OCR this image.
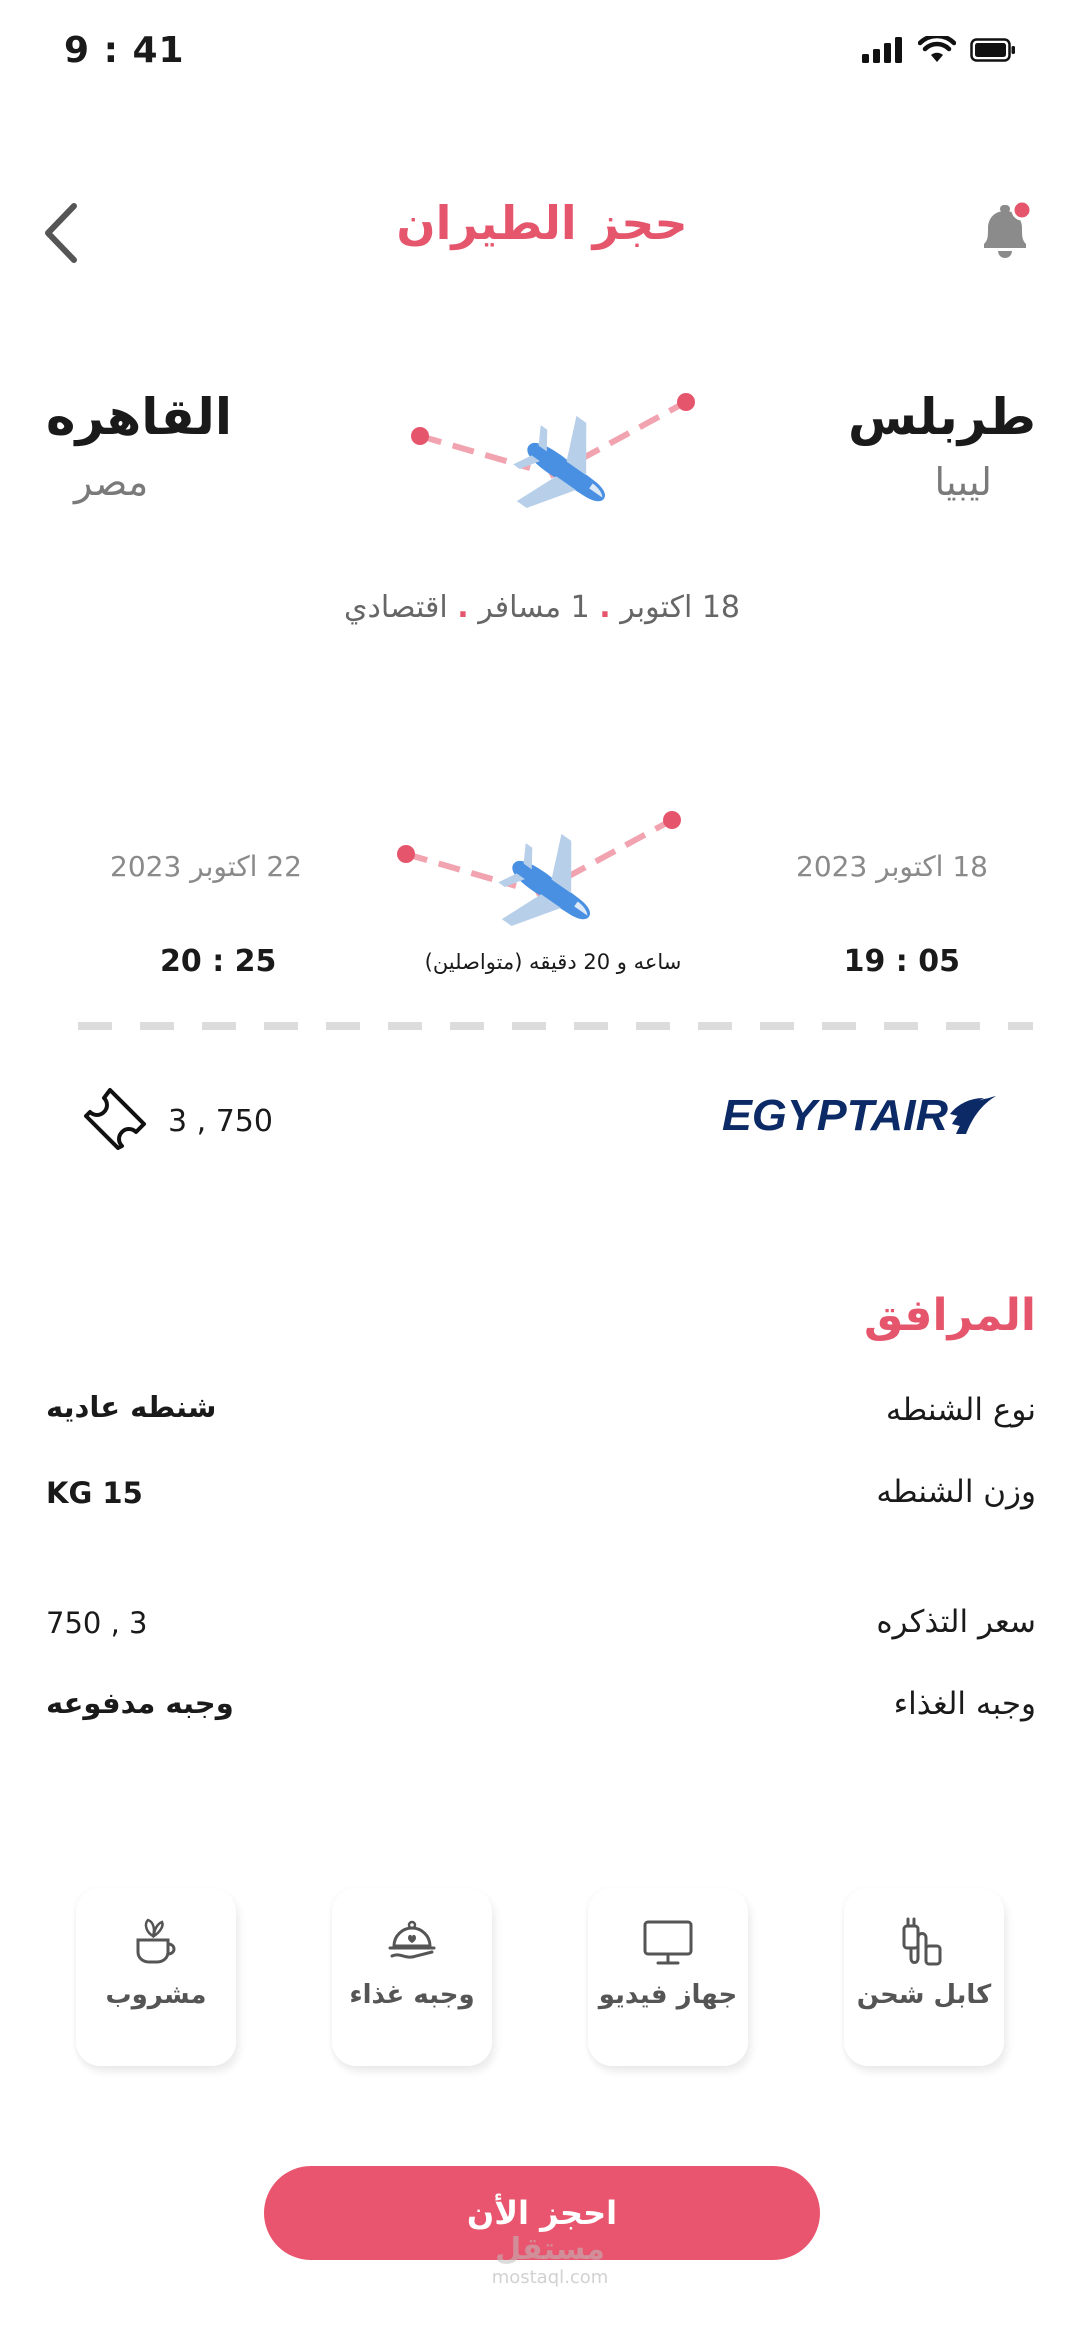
9 : 41
حجز الطيران
طربلس
ليبيا
القاهره
مصر
18 اكتوبر . 1 مسافر . اقتصادي
18 اكتوبر 2023
22 اكتوبر 2023
19 : 05
20 : 25	ساعه و 20 دقيقه (متواصلين)
EGYPTAIR
3 , 750
المرافق
نوع الشنطه
شنطه عاديه
وزن الشنطه
15 KG
سعر التذكره
3 , 750
وجبه الغذاء
وجبه مدفوعه
كابل شحن
جهاز فيديو
وجبه غذاء
مشروب
احجز الأن
مستقل
mostaql.com
